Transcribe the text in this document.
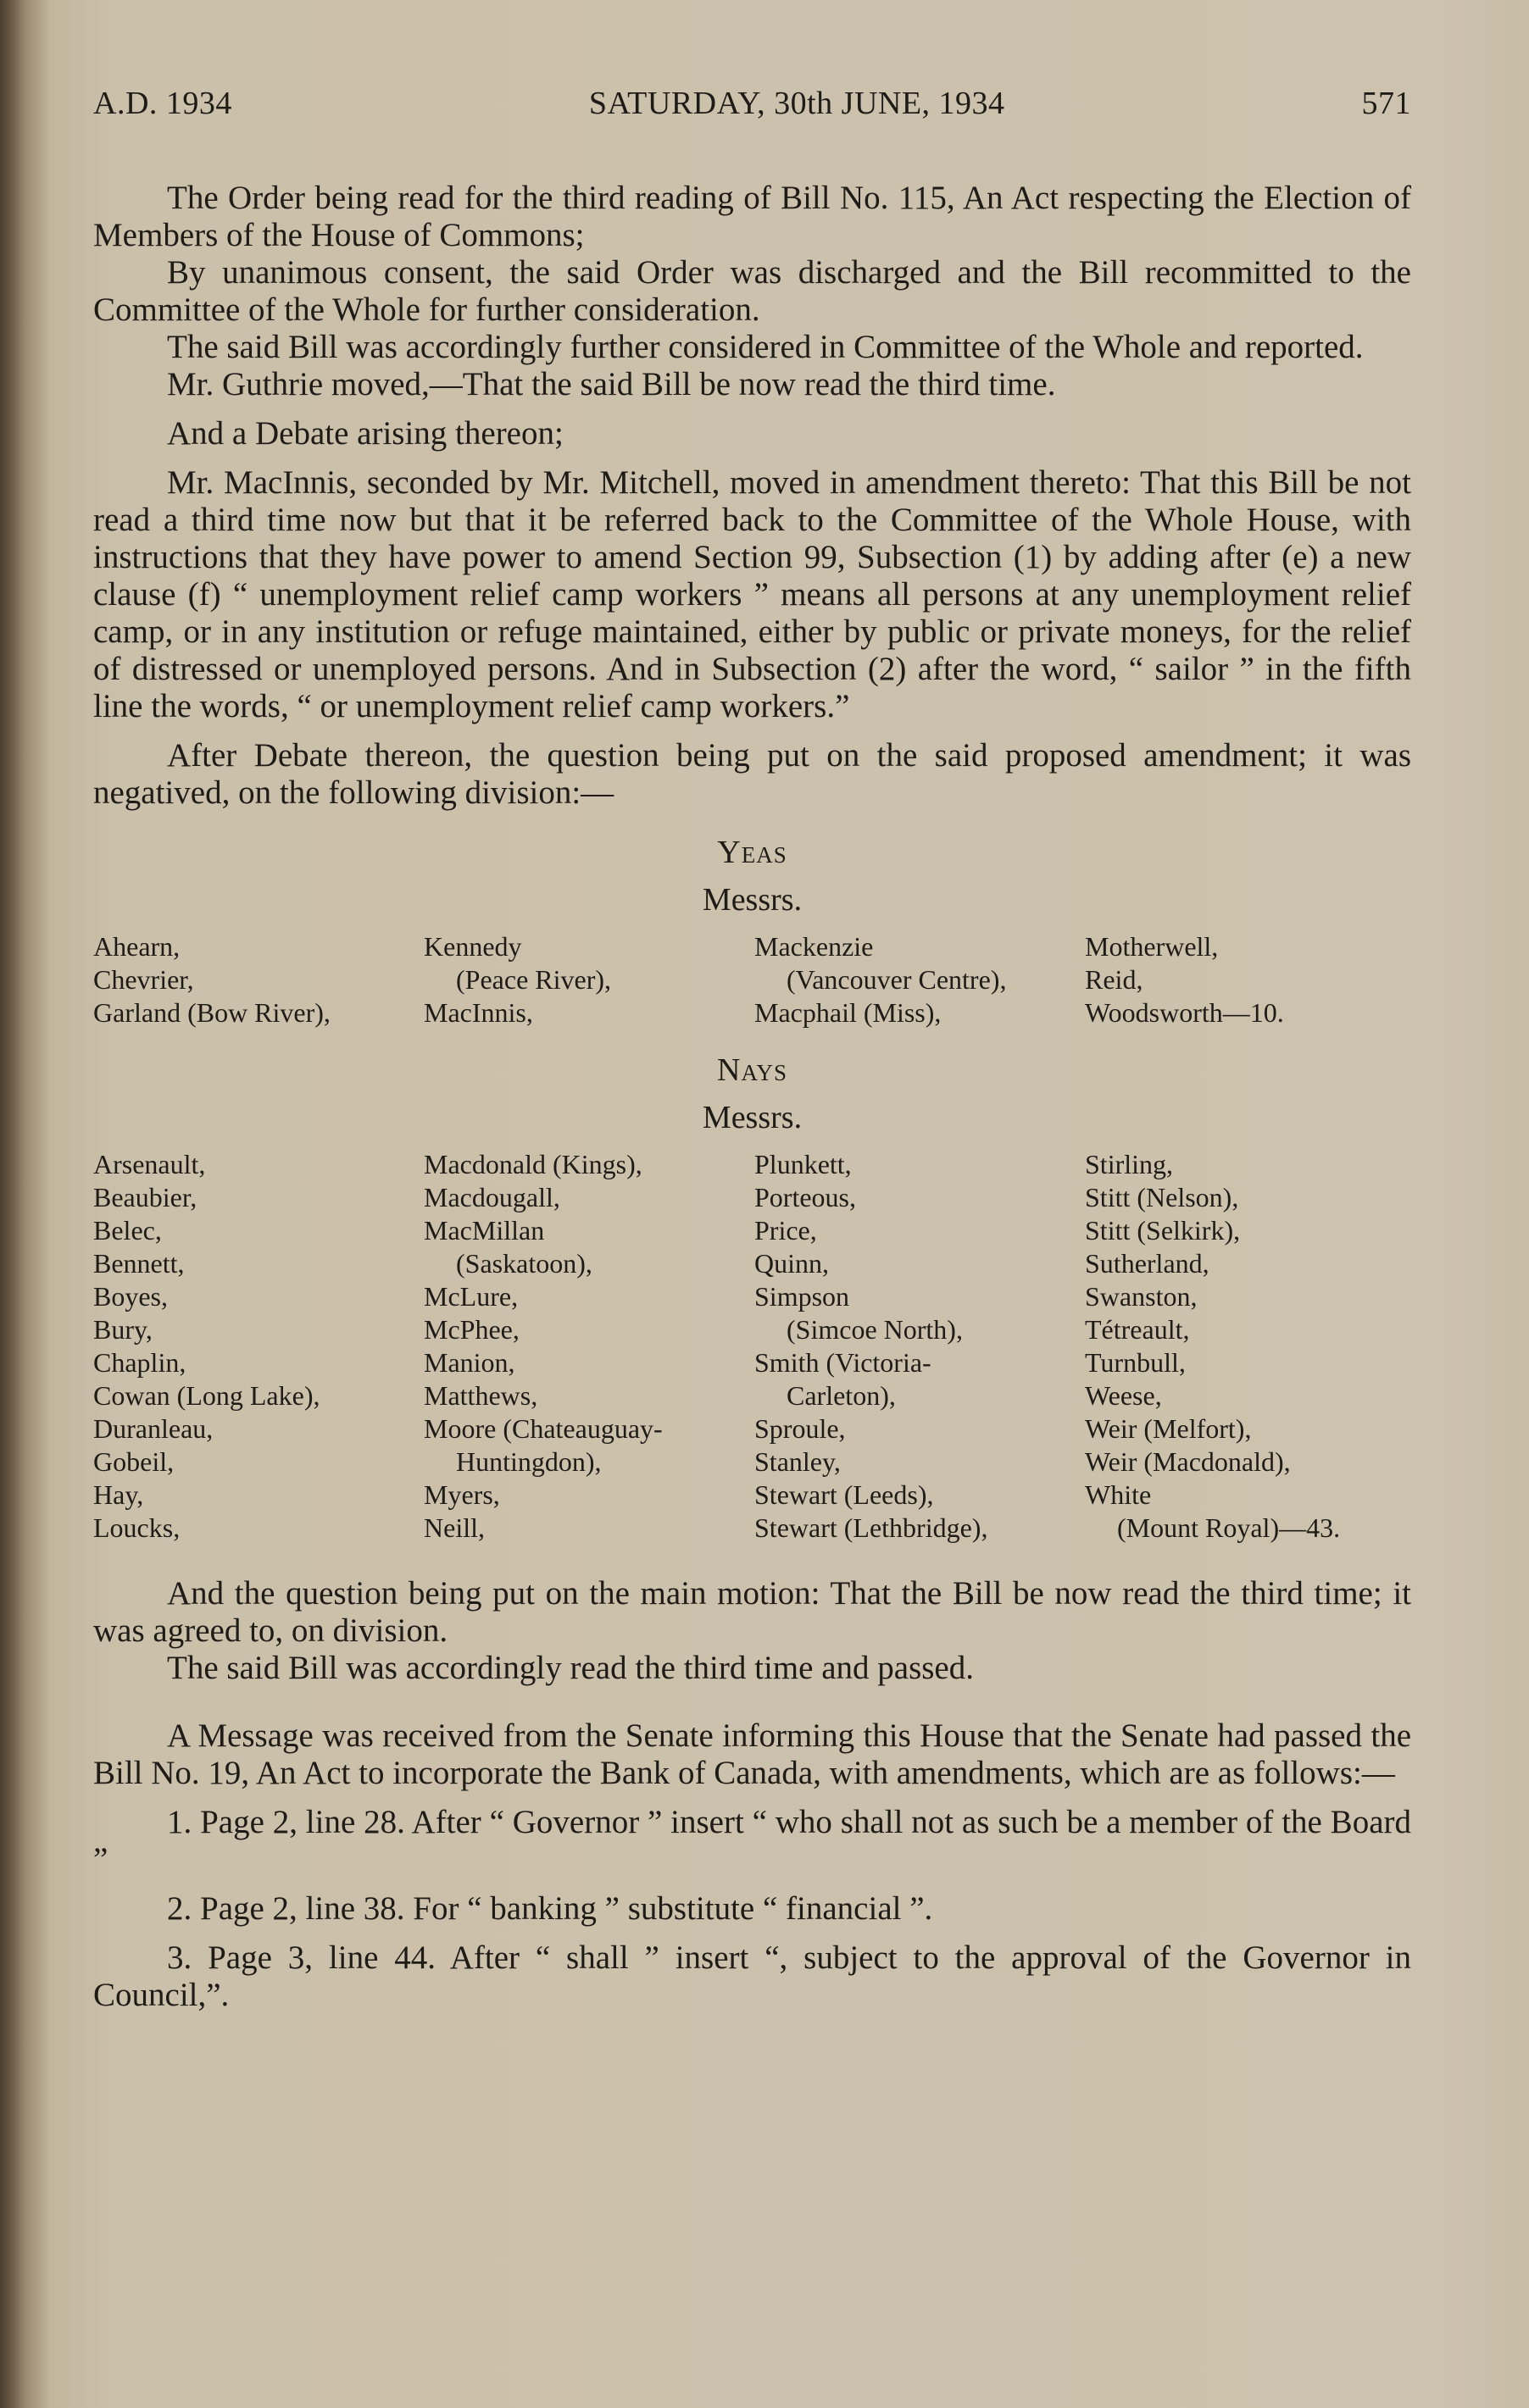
A.D. 1934	SATURDAY, 30th JUNE, 1934	571

The Order being read for the third reading of Bill No. 115, An Act respecting the Election of Members of the House of Commons;

By unanimous consent, the said Order was discharged and the Bill recommitted to the Committee of the Whole for further consideration.

The said Bill was accordingly further considered in Committee of the Whole and reported.

Mr. Guthrie moved,—That the said Bill be now read the third time.

And a Debate arising thereon;

Mr. MacInnis, seconded by Mr. Mitchell, moved in amendment thereto: That this Bill be not read a third time now but that it be referred back to the Committee of the Whole House, with instructions that they have power to amend Section 99, Subsection (1) by adding after (e) a new clause (f) “ unemployment relief camp workers ” means all persons at any unemployment relief camp, or in any institution or refuge maintained, either by public or private moneys, for the relief of distressed or unemployed persons. And in Subsection (2) after the word, “ sailor ” in the fifth line the words, “ or unemployment relief camp workers.”

After Debate thereon, the question being put on the said proposed amendment; it was negatived, on the following division:—

Yeas
Messrs.
Ahearn,
Chevrier,
Garland (Bow River),
Kennedy
(Peace River),
MacInnis,
Mackenzie
(Vancouver Centre),
Macphail (Miss),
Motherwell,
Reid,
Woodsworth—10.
Nays
Messrs.
Arsenault,
Beaubier,
Belec,
Bennett,
Boyes,
Bury,
Chaplin,
Cowan (Long Lake),
Duranleau,
Gobeil,
Hay,
Loucks,
Macdonald (Kings),
Macdougall,
MacMillan
(Saskatoon),
McLure,
McPhee,
Manion,
Matthews,
Moore (Chateauguay-
Huntingdon),
Myers,
Neill,
Plunkett,
Porteous,
Price,
Quinn,
Simpson
(Simcoe North),
Smith (Victoria-
Carleton),
Sproule,
Stanley,
Stewart (Leeds),
Stewart (Lethbridge),
Stirling,
Stitt (Nelson),
Stitt (Selkirk),
Sutherland,
Swanston,
Tétreault,
Turnbull,
Weese,
Weir (Melfort),
Weir (Macdonald),
White
(Mount Royal)—43.

And the question being put on the main motion: That the Bill be now read the third time; it was agreed to, on division.

The said Bill was accordingly read the third time and passed.

A Message was received from the Senate informing this House that the Senate had passed the Bill No. 19, An Act to incorporate the Bank of Canada, with amendments, which are as follows:—

1. Page 2, line 28. After “ Governor ” insert “ who shall not as such be a member of the Board ”

2. Page 2, line 38. For “ banking ” substitute “ financial ”.

3. Page 3, line 44. After “ shall ” insert “, subject to the approval of the Governor in Council,”.
